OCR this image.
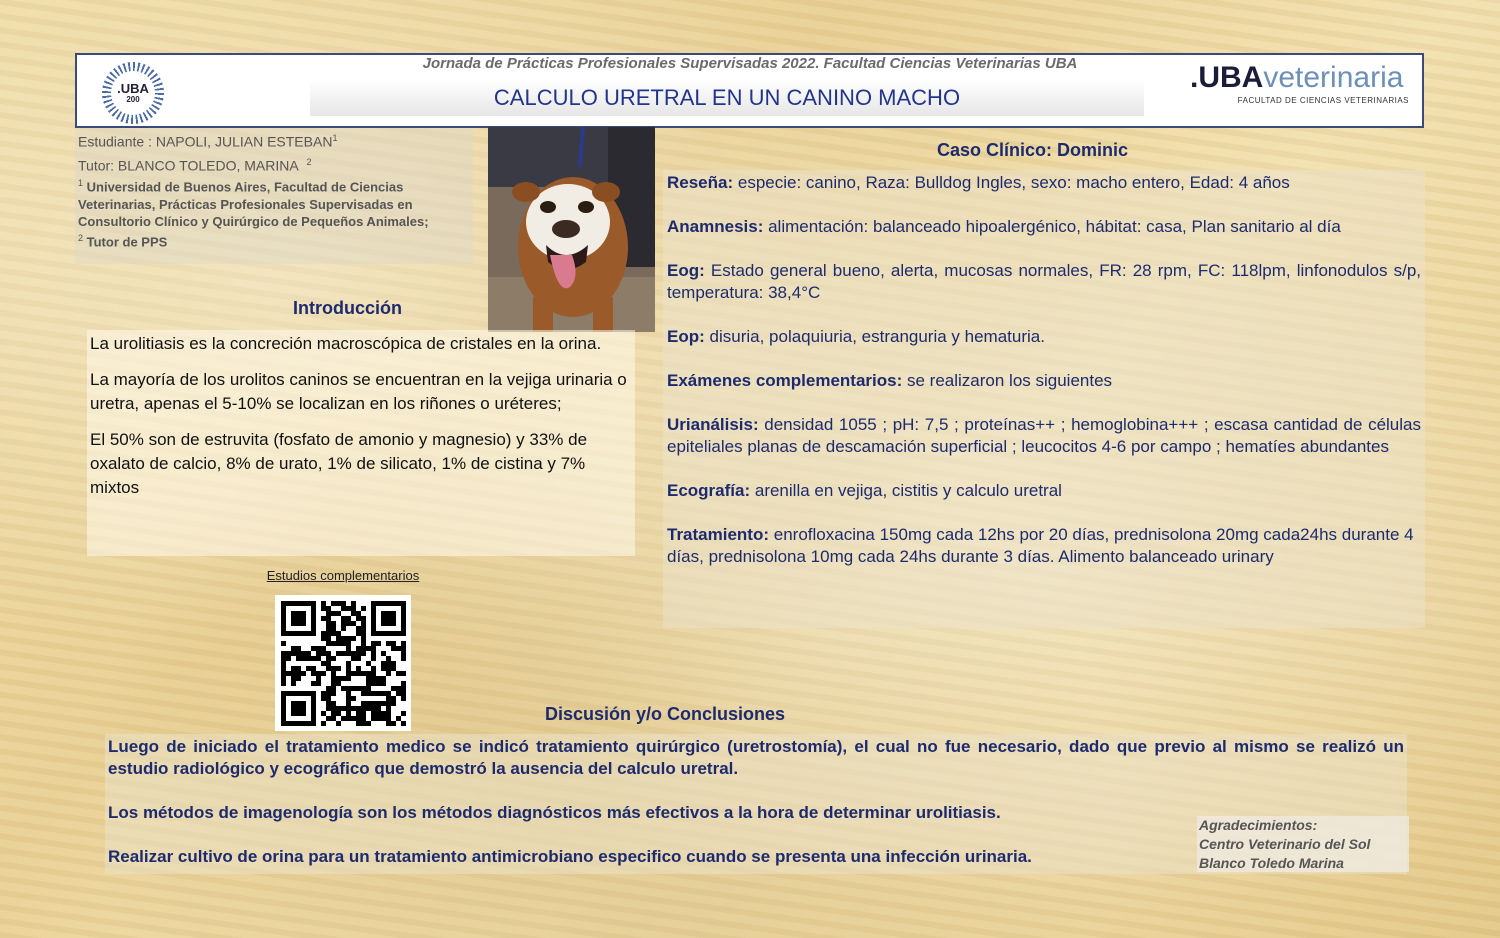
.UBA
200
Jornada de Prácticas Profesionales Supervisadas 2022. Facultad Ciencias Veterinarias UBA
CALCULO URETRAL EN UN CANINO MACHO
.UBAveterinaria
FACULTAD DE CIENCIAS VETERINARIAS
Estudiante : NAPOLI, JULIAN ESTEBAN$^1$
Tutor: BLANCO TOLEDO, MARINA $^2$
$^1$ Universidad de Buenos Aires, Facultad de Ciencias Veterinarias, Prácticas Profesionales Supervisadas en Consultorio Clínico y Quirúrgico de Pequeños Animales;
$^2$ Tutor de PPS
Introducción

La urolitiasis es la concreción macroscópica de cristales en la orina.

La mayoría de los urolitos caninos se encuentran en la vejiga urinaria o uretra, apenas el 5-10% se localizan en los riñones o uréteres;

El 50% son de estruvita (fosfato de amonio y magnesio) y 33% de oxalato de calcio, 8% de urato, 1% de silicato, 1% de cistina y 7% mixtos

Estudios complementarios
Caso Clínico: Dominic
Reseña: especie: canino, Raza: Bulldog Ingles, sexo: macho entero, Edad: 4 años
Anamnesis: alimentación: balanceado hipoalergénico, hábitat: casa, Plan sanitario al día
Eog: Estado general bueno, alerta, mucosas normales, FR: 28 rpm, FC: 118lpm, linfonodulos s/p, temperatura: 38,4°C
Eop: disuria, polaquiuria, estranguria y hematuria.
Exámenes complementarios: se realizaron los siguientes
Urianálisis: densidad 1055 ; pH: 7,5 ; proteínas++ ; hemoglobina+++ ; escasa cantidad de células epiteliales planas de descamación superficial ; leucocitos 4-6 por campo ; hematíes abundantes
Ecografía: arenilla en vejiga, cistitis y calculo uretral
Tratamiento: enrofloxacina 150mg cada 12hs por 20 días, prednisolona 20mg cada24hs durante 4 días, prednisolona 10mg cada 24hs durante 3 días. Alimento balanceado urinary
Discusión y/o Conclusiones

Luego de iniciado el tratamiento medico se indicó tratamiento quirúrgico (uretrostomía), el cual no fue necesario, dado que previo al mismo se realizó un estudio radiológico y ecográfico que demostró la ausencia del calculo uretral.

Los métodos de imagenología son los métodos diagnósticos más efectivos a la hora de determinar urolitiasis.

Realizar cultivo de orina para un tratamiento antimicrobiano especifico cuando se presenta una infección urinaria.

Agradecimientos:
Centro Veterinario del Sol
Blanco Toledo Marina
